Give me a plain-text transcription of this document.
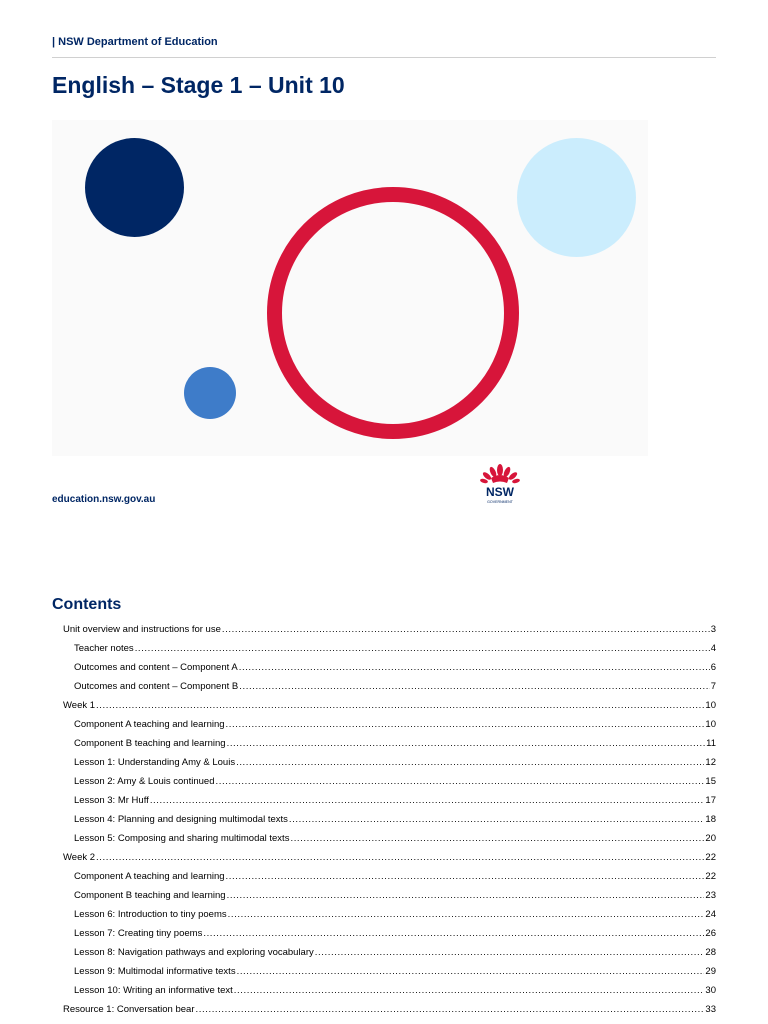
| NSW Department of Education
English – Stage 1 – Unit 10
education.nsw.gov.au
NSW
GOVERNMENT
Contents
Unit overview and instructions for use .....	3
Teacher notes .....	4
Outcomes and content – Component A .....	6
Outcomes and content – Component B .....	7
Week 1 .....	10
Component A teaching and learning .....	10
Component B teaching and learning .....	11
Lesson 1: Understanding Amy & Louis .....	12
Lesson 2: Amy & Louis continued .....	15
Lesson 3: Mr Huff .....	17
Lesson 4: Planning and designing multimodal texts .....	18
Lesson 5: Composing and sharing multimodal texts .....	20
Week 2 .....	22
Component A teaching and learning .....	22
Component B teaching and learning .....	23
Lesson 6: Introduction to tiny poems .....	24
Lesson 7: Creating tiny poems .....	26
Lesson 8: Navigation pathways and exploring vocabulary .....	28
Lesson 9: Multimodal informative texts .....	29
Lesson 10: Writing an informative text .....	30
Resource 1: Conversation bear .....	33
